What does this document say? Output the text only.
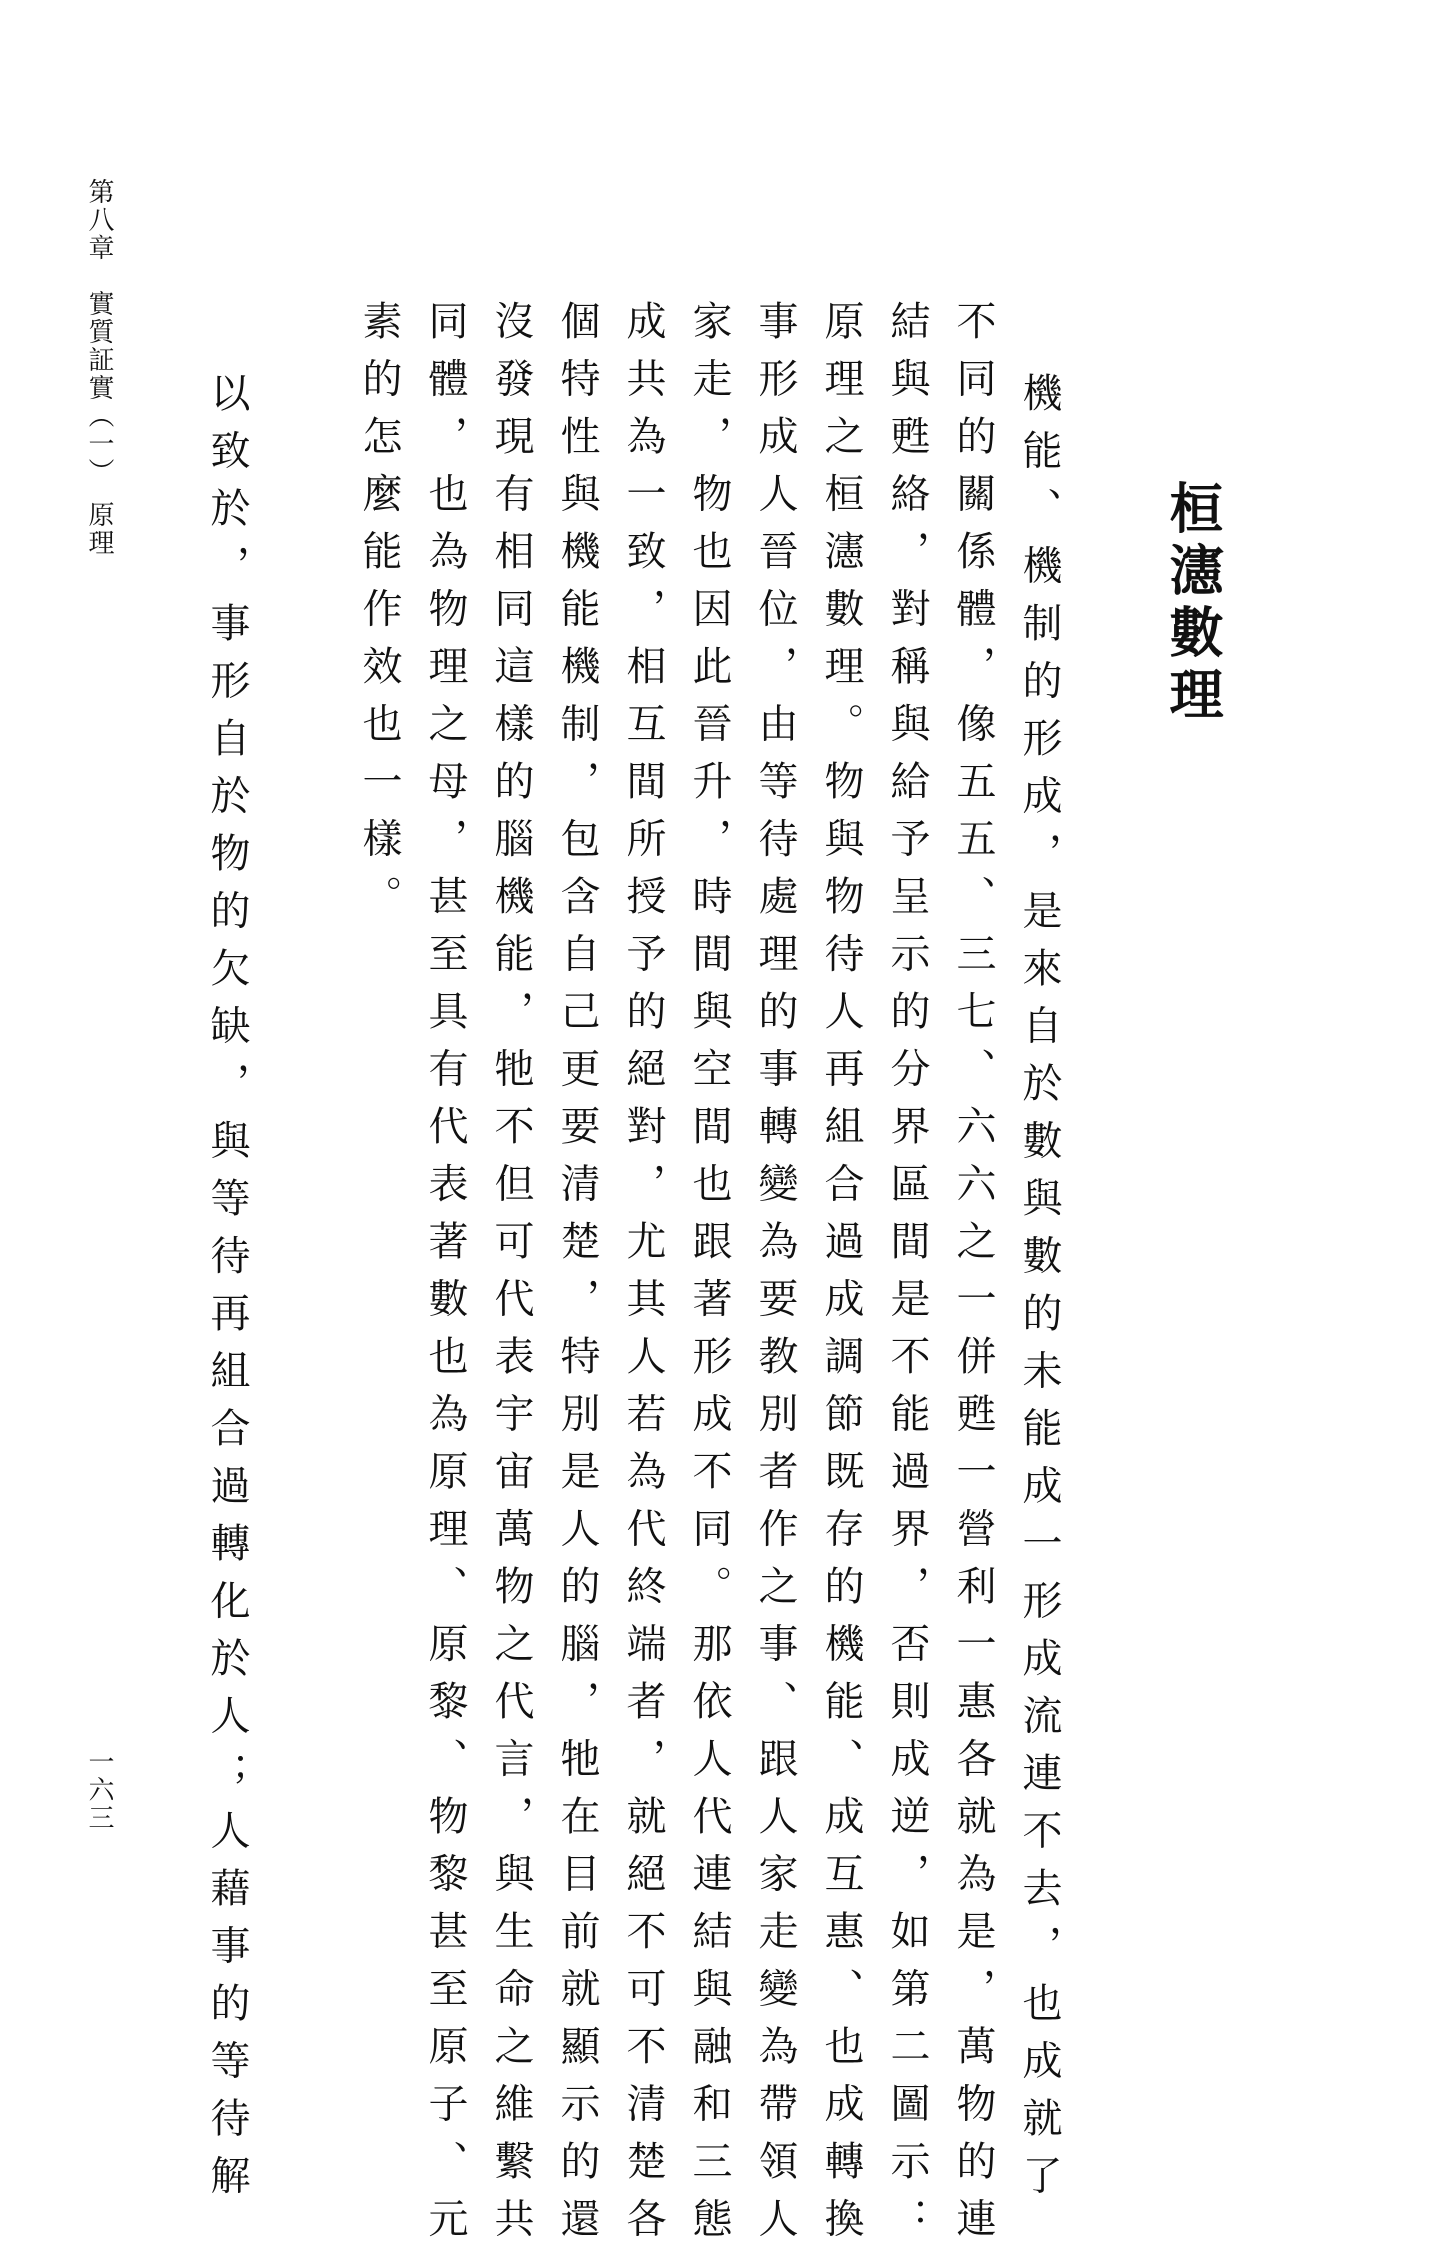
桓瀗數理

機能、機制的形成，是來自於數與數的未能成一形成流連不去，也成就了

不同的關係體，像五五、三七、六六之一併甦一營利一惠各就為是，萬物的連

結與甦絡，對稱與給予呈示的分界區間是不能過界，否則成逆，如第二圖示：

原理之桓瀗數理。物與物待人再組合過成調節既存的機能、成互惠、也成轉換

事形成人晉位，由等待處理的事轉變為要教別者作之事、跟人家走變為帶領人

家走，物也因此晉升，時間與空間也跟著形成不同。那依人代連結與融和三態

成共為一致，相互間所授予的絕對，尤其人若為代終端者，就絕不可不清楚各

個特性與機能機制，包含自己更要清楚，特別是人的腦，牠在目前就顯示的還

沒發現有相同這樣的腦機能，牠不但可代表宇宙萬物之代言，與生命之維繫共

同體，也為物理之母，甚至具有代表著數也為原理、原黎、物黎甚至原子、元

素的怎麼能作效也一樣。

以致於，事形自於物的欠缺，與等待再組合過轉化於人；人藉事的等待解

第八章　實質証實（一）　原理
一六三
